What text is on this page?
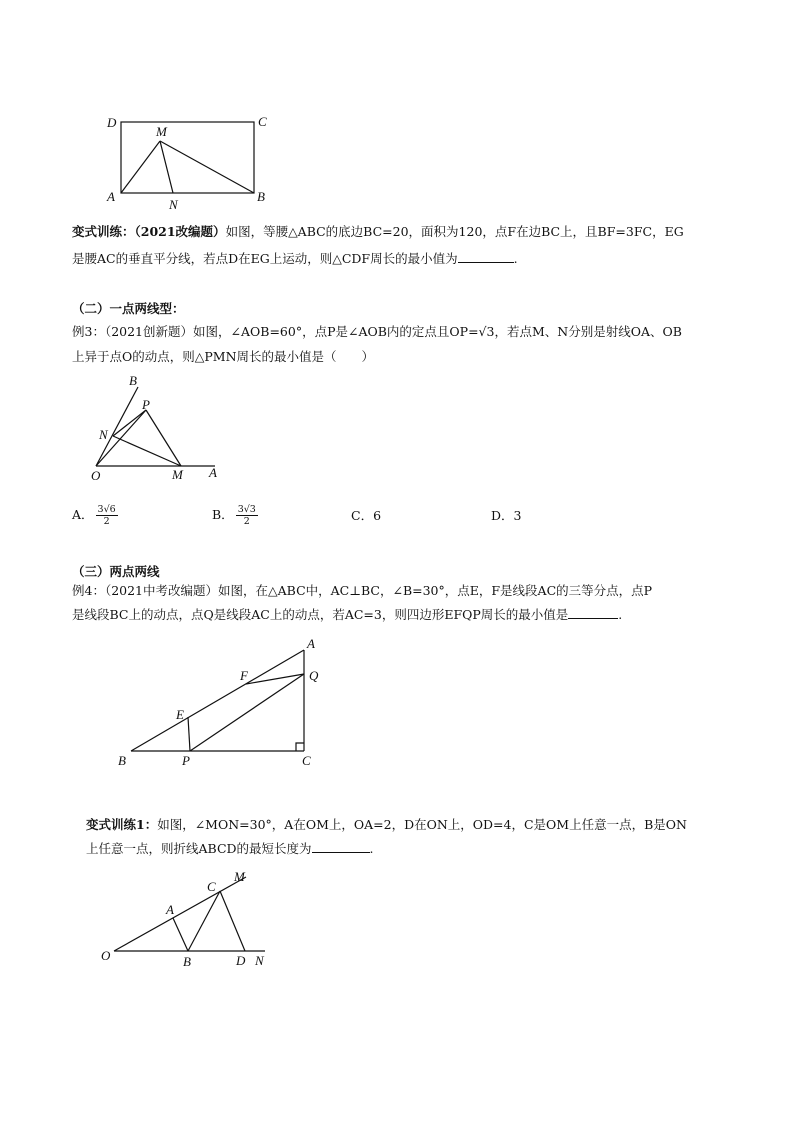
D	C
M
A
N
B
变式训练：（2021改编题）如图，等腰△ABC的底边BC=20，面积为120，点F在边BC上，且BF=3FC，EG
是腰AC的垂直平分线，若点D在EG上运动，则△CDF周长的最小值为	.
（二）一点两线型：
例3：（2021创新题）如图，∠AOB=60°，点P是∠AOB内的定点且OP=√3，若点M、N分别是射线OA、OB
上异于点O的动点，则△PMN周长的最小值是（　　）
B
P
N
O	M A
A． $\frac{3√6}{2}$	B． $\frac{3√3}{2}$	C．6	D．3
（三）两点两线
例4：（2021中考改编题）如图，在△ABC中，AC⊥BC，∠B=30°，点E，F是线段AC的三等分点，点P
是线段BC上的动点，点Q是线段AC上的动点，若AC=3，则四边形EFQP周长的最小值是	.
A
Q
F
E
B	P	C
变式训练1：如图，∠MON=30°，A在OM上，OA=2，D在ON上，OD=4，C是OM上任意一点，B是ON
上任意一点，则折线ABCD的最短长度为	.
C
M
A
O	B	D N
